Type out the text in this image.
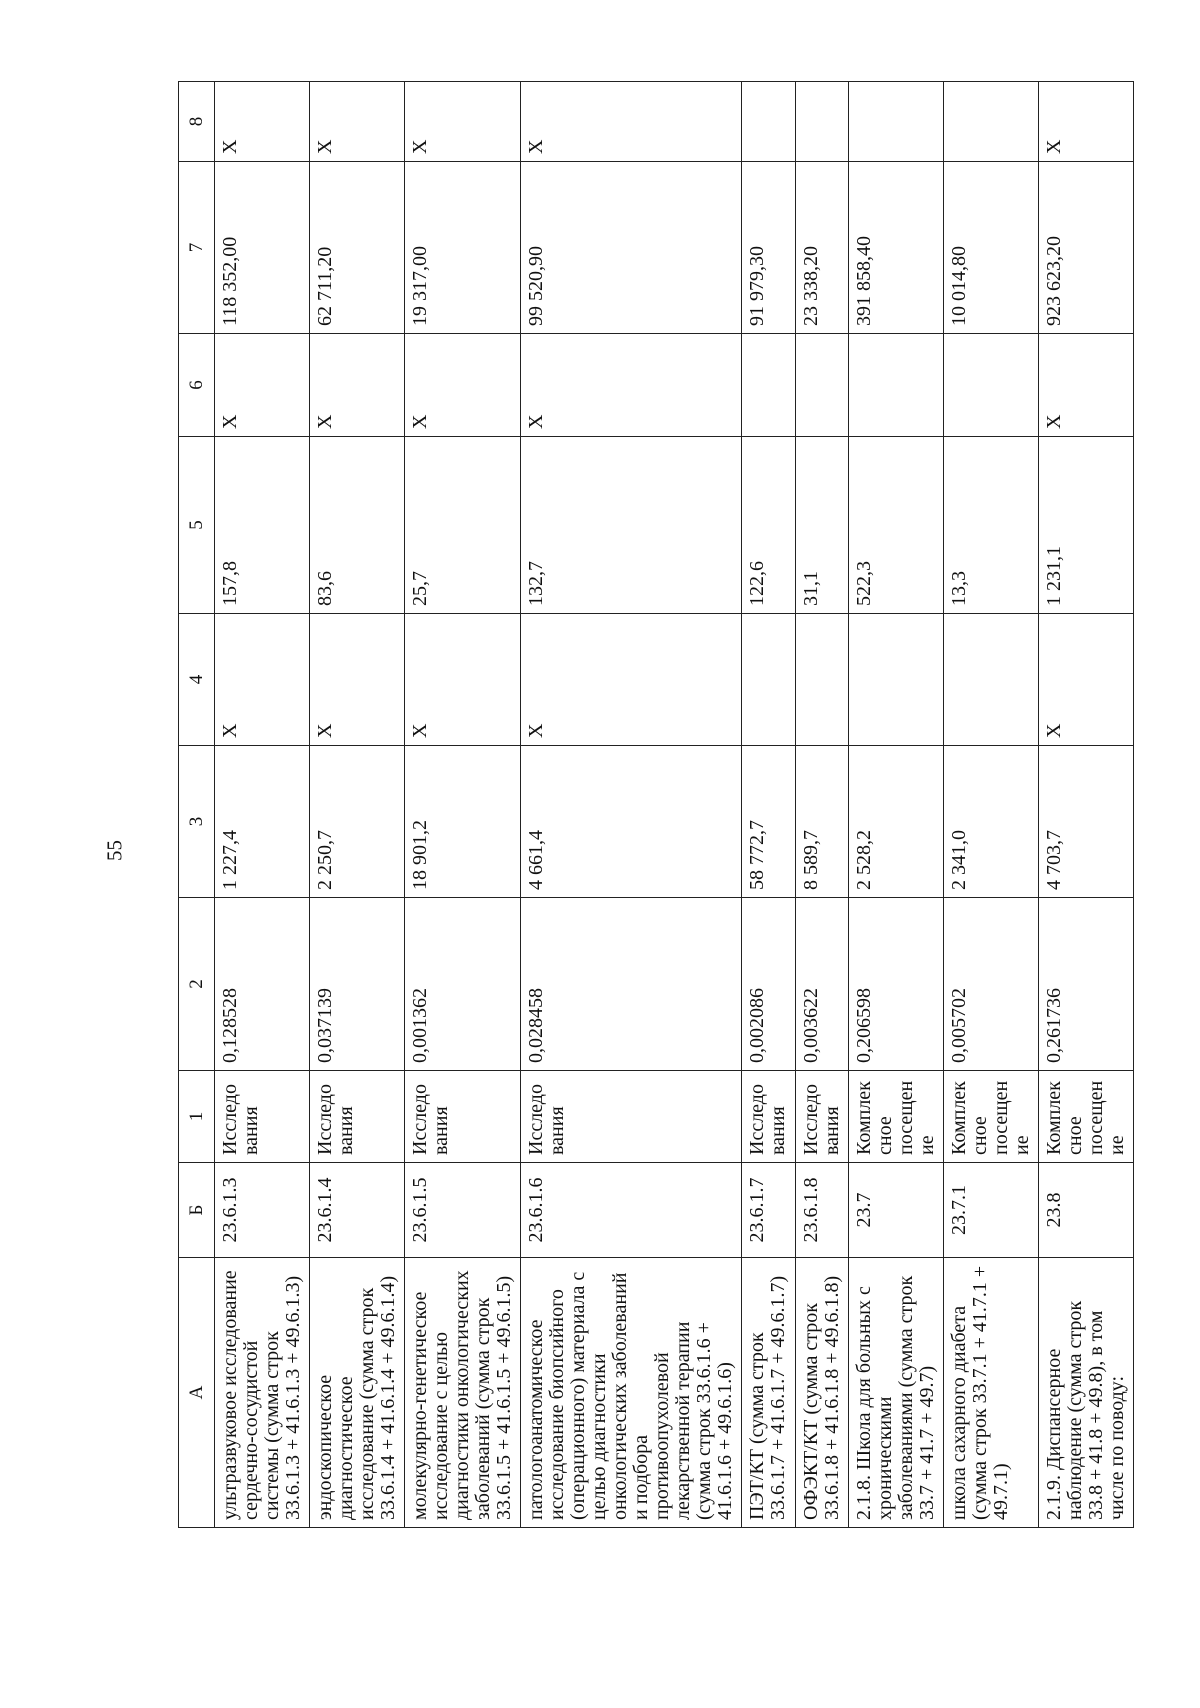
55
А	Б	1	2	3	4	5	6	7	8
ультразвуковое исследование сердечно-сосудистой системы (сумма строк 33.6.1.3 + 41.6.1.3 + 49.6.1.3)	23.6.1.3	Исследования	0,128528	1 227,4	X	157,8	X	118 352,00	X
эндоскопическое диагностическое исследование (сумма строк 33.6.1.4 + 41.6.1.4 + 49.6.1.4)	23.6.1.4	Исследования	0,037139	2 250,7	X	83,6	X	62 711,20	X
молекулярно-генетическое исследование с целью диагностики онкологических заболеваний (сумма строк 33.6.1.5 + 41.6.1.5 + 49.6.1.5)	23.6.1.5	Исследования	0,001362	18 901,2	X	25,7	X	19 317,00	X
патологоанатомическое исследование биопсийного (операционного) материала с целью диагностики онкологических заболеваний и подбора противоопухолевой лекарственной терапии (сумма строк 33.6.1.6 + 41.6.1.6 + 49.6.1.6)	23.6.1.6	Исследования	0,028458	4 661,4	X	132,7	X	99 520,90	X
ПЭТ/КТ (сумма строк 33.6.1.7 + 41.6.1.7 + 49.6.1.7)	23.6.1.7	Исследования	0,002086	58 772,7		122,6		91 979,30	
ОФЭКТ/КТ (сумма строк 33.6.1.8 + 41.6.1.8 + 49.6.1.8)	23.6.1.8	Исследования	0,003622	8 589,7		31,1		23 338,20	
2.1.8. Школа для больных с хроническими заболеваниями (сумма строк 33.7 + 41.7 + 49.7)	23.7	Комплексное посещение	0,206598	2 528,2		522,3		391 858,40	
школа сахарного диабета (сумма строк 33.7.1 + 41.7.1 + 49.7.1)	23.7.1	Комплексное посещение	0,005702	2 341,0		13,3		10 014,80	
2.1.9. Диспансерное наблюдение (сумма строк 33.8 + 41.8 + 49.8), в том числе по поводу:	23.8	Комплексное посещение	0,261736	4 703,7	X	1 231,1	X	923 623,20	X
